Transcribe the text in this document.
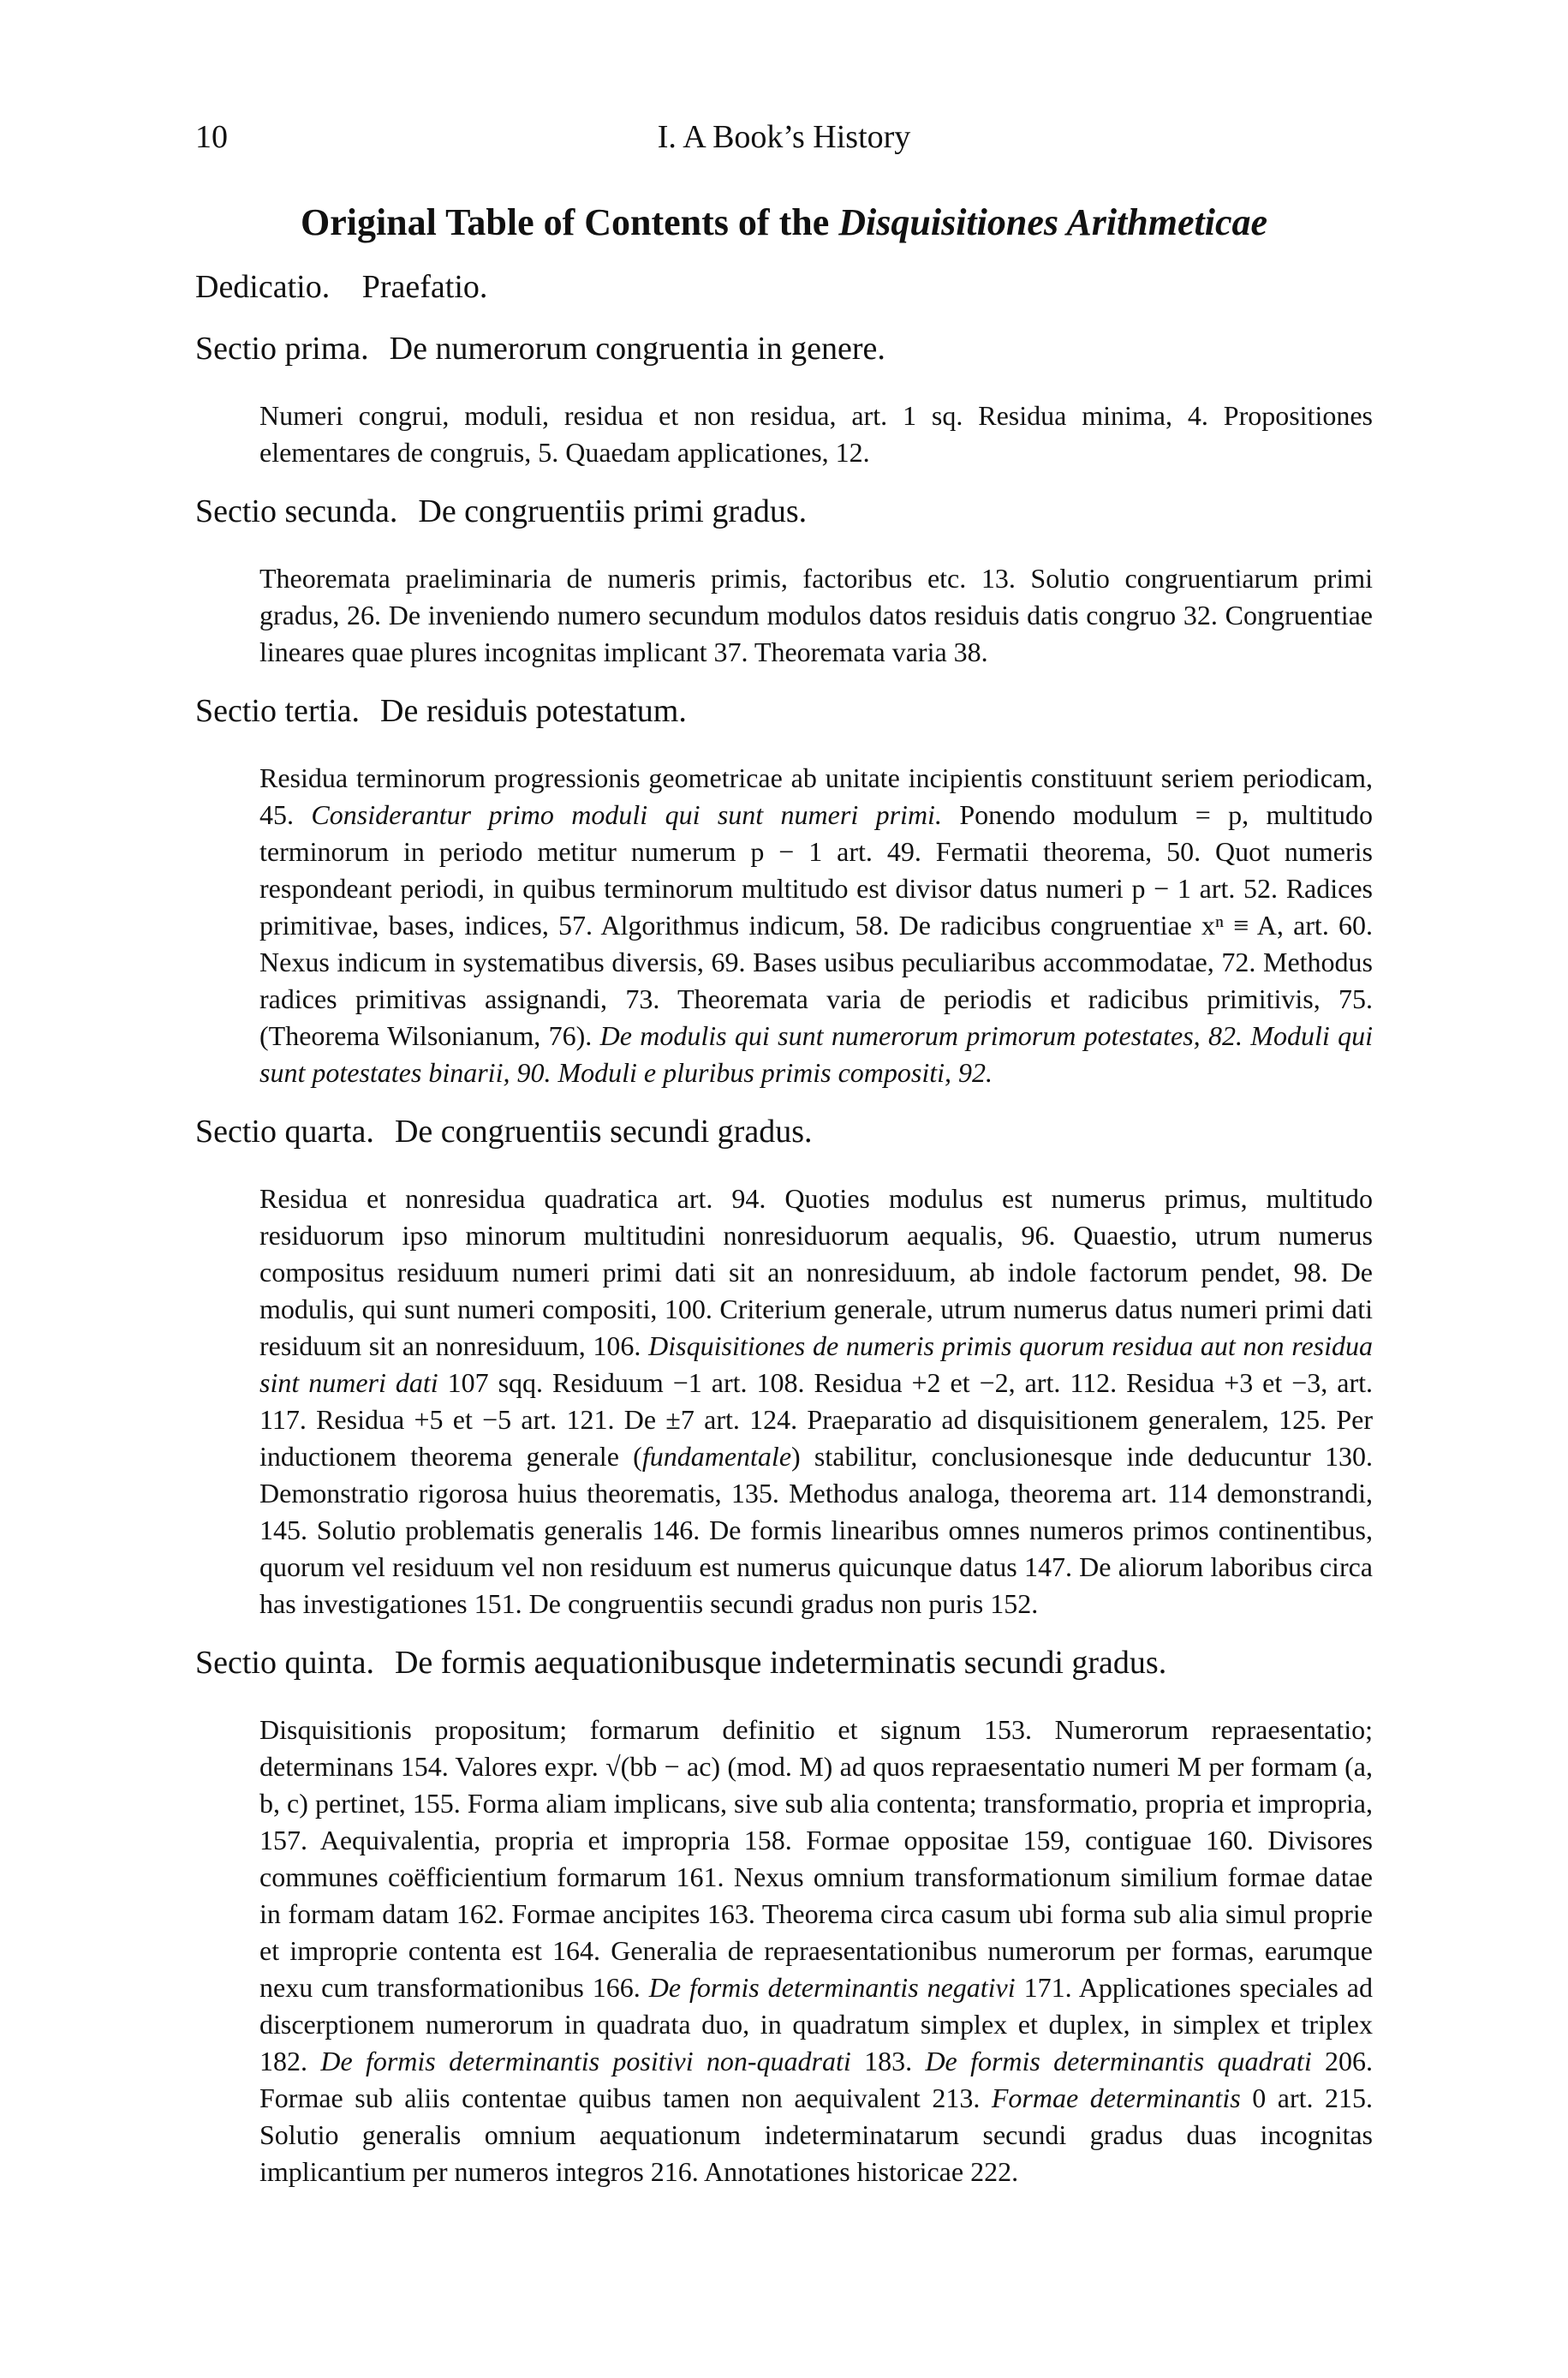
10	I. A Book’s History
Original Table of Contents of the Disquisitiones Arithmeticae
Dedicatio. Praefatio.
Sectio prima. De numerorum congruentia in genere.

Numeri congrui, moduli, residua et non residua, art. 1 sq. Residua minima, 4. Propositiones elementares de congruis, 5. Quaedam applicationes, 12.

Sectio secunda. De congruentiis primi gradus.

Theoremata praeliminaria de numeris primis, factoribus etc. 13. Solutio congruentiarum primi gradus, 26. De inveniendo numero secundum modulos datos residuis datis congruo 32. Congruentiae lineares quae plures incognitas implicant 37. Theoremata varia 38.

Sectio tertia. De residuis potestatum.

Residua terminorum progressionis geometricae ab unitate incipientis constituunt seriem periodicam, 45. Considerantur primo moduli qui sunt numeri primi. Ponendo modulum = p, multitudo terminorum in periodo metitur numerum p − 1 art. 49. Fermatii theorema, 50. Quot numeris respondeant periodi, in quibus terminorum multitudo est divisor datus numeri p − 1 art. 52. Radices primitivae, bases, indices, 57. Algorithmus indicum, 58. De radicibus congruentiae xⁿ ≡ A, art. 60. Nexus indicum in systematibus diversis, 69. Bases usibus peculiaribus accommodatae, 72. Methodus radices primitivas assignandi, 73. Theoremata varia de periodis et radicibus primitivis, 75. (Theorema Wilsonianum, 76). De modulis qui sunt numerorum primorum potestates, 82. Moduli qui sunt potestates binarii, 90. Moduli e pluribus primis compositi, 92.

Sectio quarta. De congruentiis secundi gradus.

Residua et nonresidua quadratica art. 94. Quoties modulus est numerus primus, multitudo residuorum ipso minorum multitudini nonresiduorum aequalis, 96. Quaestio, utrum numerus compositus residuum numeri primi dati sit an nonresiduum, ab indole factorum pendet, 98. De modulis, qui sunt numeri compositi, 100. Criterium generale, utrum numerus datus numeri primi dati residuum sit an nonresiduum, 106. Disquisitiones de numeris primis quorum residua aut non residua sint numeri dati 107 sqq. Residuum −1 art. 108. Residua +2 et −2, art. 112. Residua +3 et −3, art. 117. Residua +5 et −5 art. 121. De ±7 art. 124. Praeparatio ad disquisitionem generalem, 125. Per inductionem theorema generale (fundamentale) stabilitur, conclusionesque inde deducuntur 130. Demonstratio rigorosa huius theorematis, 135. Methodus analoga, theorema art. 114 demonstrandi, 145. Solutio problematis generalis 146. De formis linearibus omnes numeros primos continentibus, quorum vel residuum vel non residuum est numerus quicunque datus 147. De aliorum laboribus circa has investigationes 151. De congruentiis secundi gradus non puris 152.

Sectio quinta. De formis aequationibusque indeterminatis secundi gradus.

Disquisitionis propositum; formarum definitio et signum 153. Numerorum repraesentatio; determinans 154. Valores expr. √(bb − ac) (mod. M) ad quos repraesentatio numeri M per formam (a, b, c) pertinet, 155. Forma aliam implicans, sive sub alia contenta; transformatio, propria et impropria, 157. Aequivalentia, propria et impropria 158. Formae oppositae 159, contiguae 160. Divisores communes coëfficientium formarum 161. Nexus omnium transformationum similium formae datae in formam datam 162. Formae ancipites 163. Theorema circa casum ubi forma sub alia simul proprie et improprie contenta est 164. Generalia de repraesentationibus numerorum per formas, earumque nexu cum transformationibus 166. De formis determinantis negativi 171. Applicationes speciales ad discerptionem numerorum in quadrata duo, in quadratum simplex et duplex, in simplex et triplex 182. De formis determinantis positivi non-quadrati 183. De formis determinantis quadrati 206. Formae sub aliis contentae quibus tamen non aequivalent 213. Formae determinantis 0 art. 215. Solutio generalis omnium aequationum indeterminatarum secundi gradus duas incognitas implicantium per numeros integros 216. Annotationes historicae 222.
